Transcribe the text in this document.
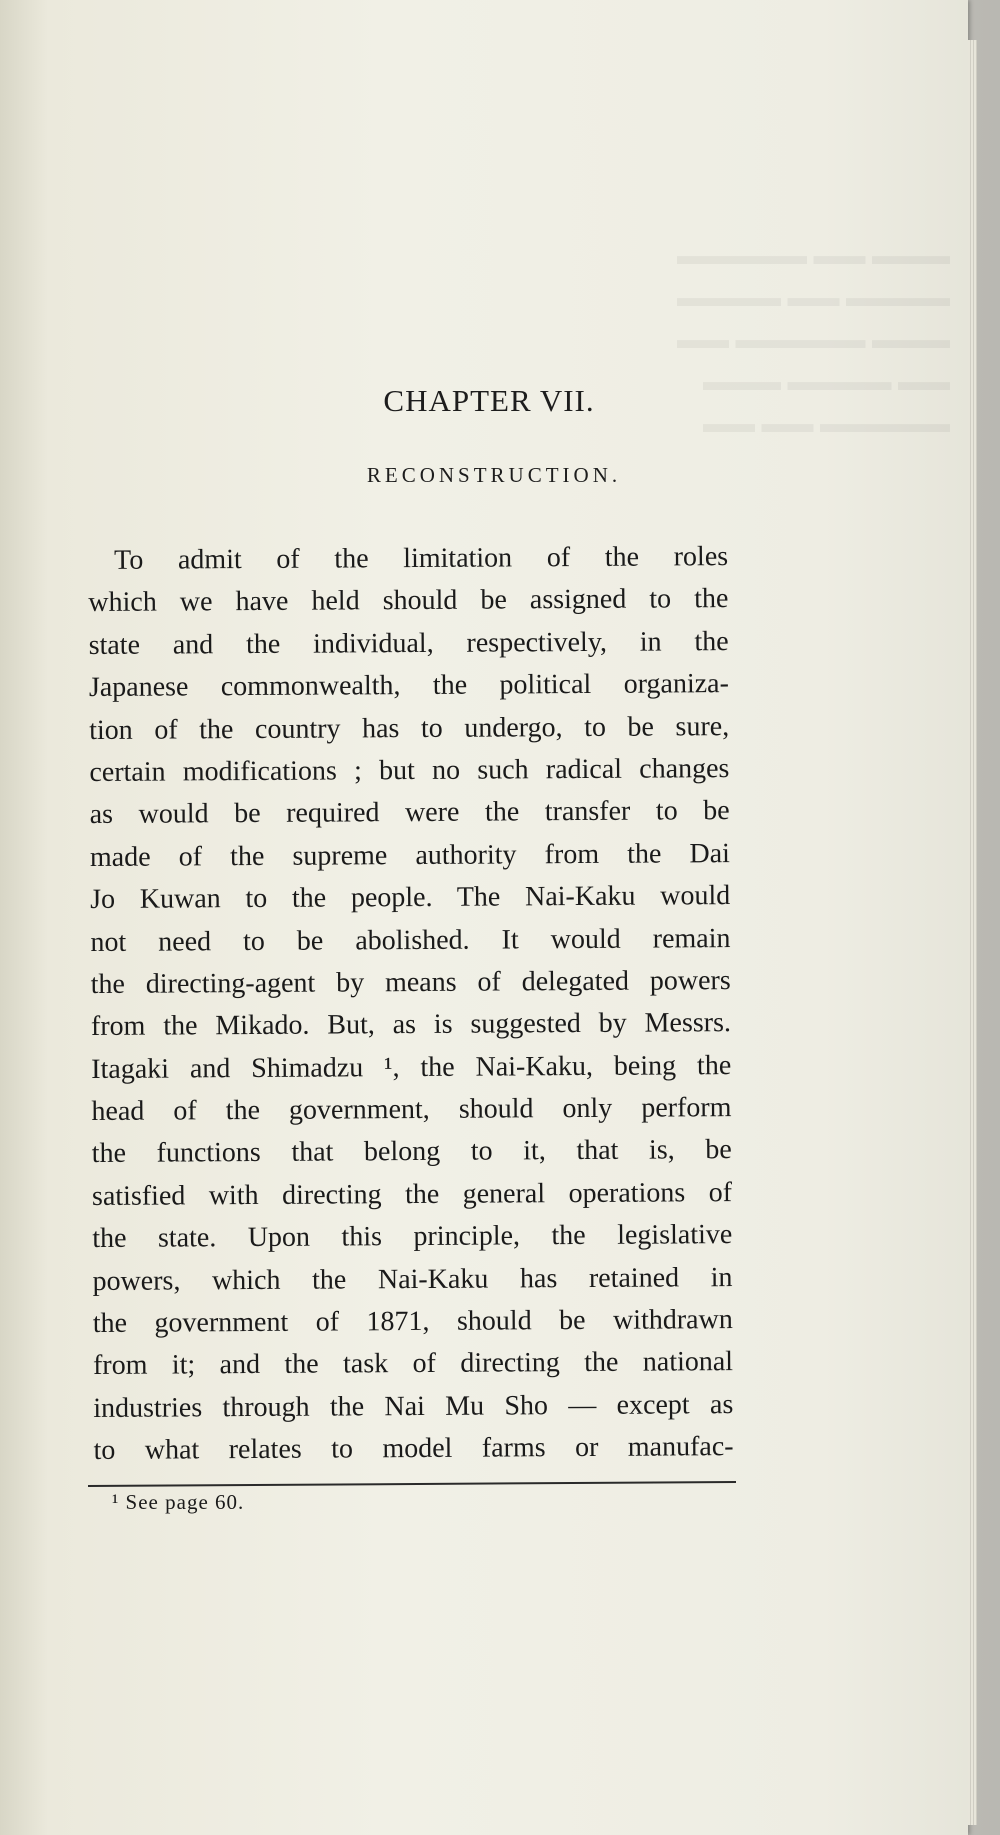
▬▬▬ ▬▬ ▬▬▬▬▬
▬▬▬▬ ▬▬ ▬▬▬▬
▬▬▬ ▬▬▬▬▬ ▬▬
▬▬ ▬▬▬▬ ▬▬▬
▬▬▬▬▬ ▬▬ ▬▬
CHAPTER VII.
RECONSTRUCTION.
To admit of the limitation of the roles
which we have held should be assigned to the
state and the individual, respectively, in the
Japanese commonwealth, the political organiza-
tion of the country has to undergo, to be sure,
certain modifications ; but no such radical changes
as would be required were the transfer to be
made of the supreme authority from the Dai
Jo Kuwan to the people. The Nai-Kaku would
not need to be abolished. It would remain
the directing-agent by means of delegated powers
from the Mikado. But, as is suggested by Messrs.
Itagaki and Shimadzu ¹, the Nai-Kaku, being the
head of the government, should only perform
the functions that belong to it, that is, be
satisfied with directing the general operations of
the state. Upon this principle, the legislative
powers, which the Nai-Kaku has retained in
the government of 1871, should be withdrawn
from it; and the task of directing the national
industries through the Nai Mu Sho — except as
to what relates to model farms or manufac-
¹ See page 60.
